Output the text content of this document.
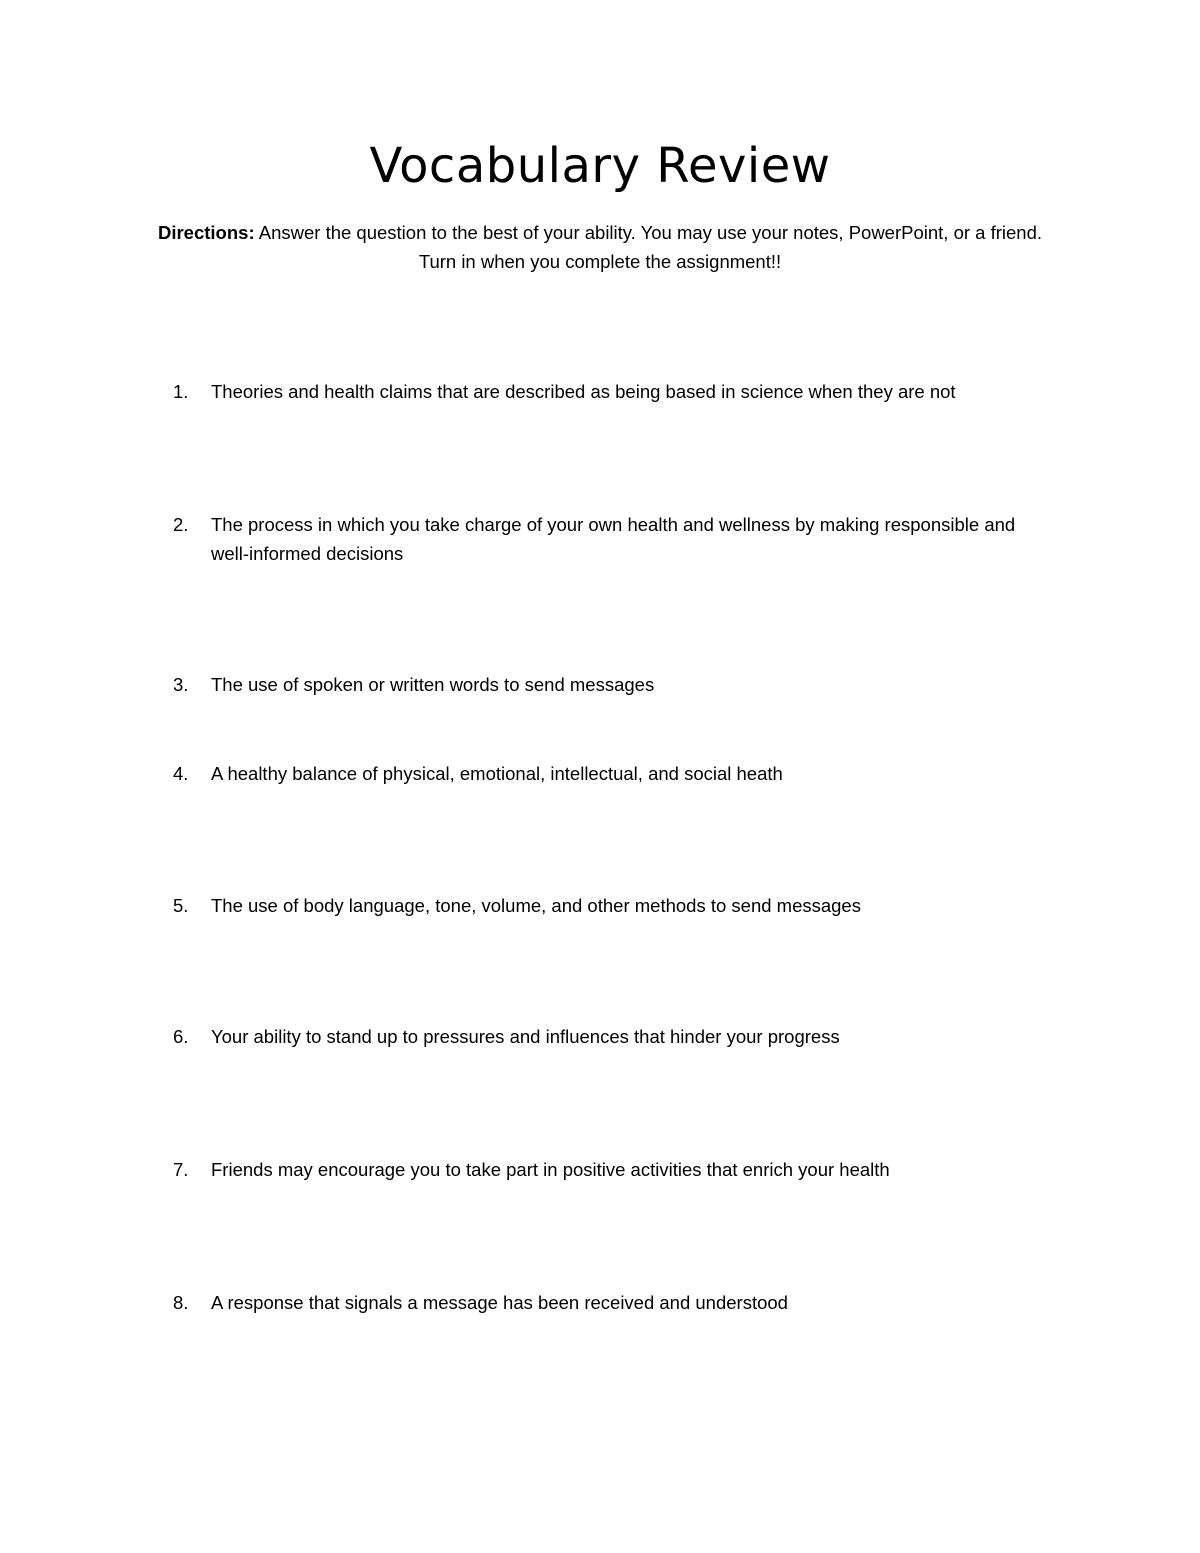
Vocabulary Review

Directions: Answer the question to the best of your ability. You may use your notes, PowerPoint, or a friend. Turn in when you complete the assignment!!

1.	Theories and health claims that are described as being based in science when they are not
2.	The process in which you take charge of your own health and wellness by making responsible and well-informed decisions
3.	The use of spoken or written words to send messages
4.	A healthy balance of physical, emotional, intellectual, and social heath
5.	The use of body language, tone, volume, and other methods to send messages
6.	Your ability to stand up to pressures and influences that hinder your progress
7.	Friends may encourage you to take part in positive activities that enrich your health
8.	A response that signals a message has been received and understood
